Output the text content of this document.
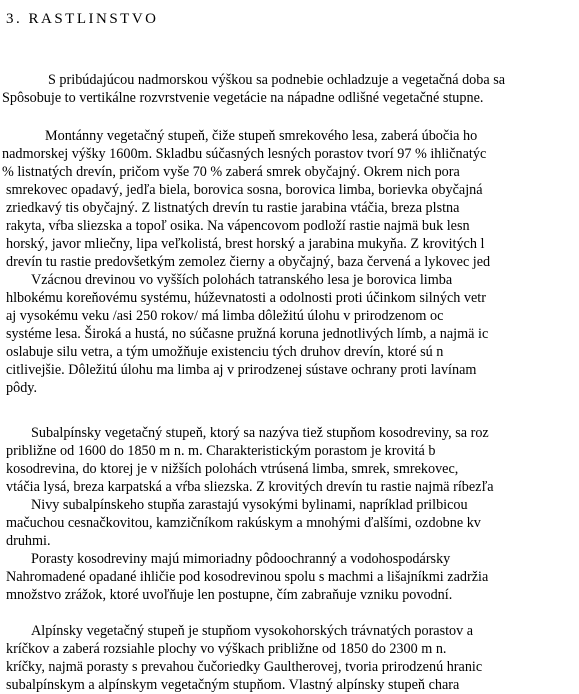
3. RASTLINSTVO
S pribúdajúcou nadmorskou výškou sa podnebie ochladzuje a vegetačná doba sa
Spôsobuje to vertikálne rozvrstvenie vegetácie na nápadne odlišné vegetačné stupne.
Montánny vegetačný stupeň, čiže stupeň smrekového lesa, zaberá úbočia ho
nadmorskej výšky 1600m. Skladbu súčasných lesných porastov tvorí 97 % ihličnatýc
% listnatých drevín, pričom vyše 70 % zaberá smrek obyčajný. Okrem nich pora
smrekovec opadavý, jedľa biela, borovica sosna, borovica limba, borievka obyčajná
zriedkavý tis obyčajný. Z listnatých drevín tu rastie jarabina vtáčia, breza plstna
rakyta, vŕba sliezska a topoľ osika. Na vápencovom podloží rastie najmä buk lesn
horský, javor mliečny, lipa veľkolistá, brest horský a jarabina mukyňa. Z krovitých l
drevín tu rastie predovšetkým zemolez čierny a obyčajný, baza červená a lykovec jed
Vzácnou drevinou vo vyšších polohách tatranského lesa je borovica limba
hlbokému koreňovému systému, húževnatosti a odolnosti proti účinkom silných vetr
aj vysokému veku /asi 250 rokov/ má limba dôležitú úlohu v prirodzenom oc
systéme lesa. Široká a hustá, no súčasne pružná koruna jednotlivých límb, a najmä ic
oslabuje silu vetra, a tým umožňuje existenciu tých druhov drevín, ktoré sú n
citlivejšie. Dôležitú úlohu ma limba aj v prirodzenej sústave ochrany proti lavínam
pôdy.
Subalpínsky vegetačný stupeň, ktorý sa nazýva tiež stupňom kosodreviny, sa roz
približne od 1600 do 1850 m n. m. Charakteristickým porastom je krovitá b
kosodrevina, do ktorej je v nižších polohách vtrúsená limba, smrek, smrekovec,
vtáčia lysá, breza karpatská a vŕba sliezska. Z krovitých drevín tu rastie najmä ríbezľa
Nivy subalpínskeho stupňa zarastajú vysokými bylinami, napríklad prilbicou
mačuchou cesnačkovitou, kamzičníkom rakúskym a mnohými ďalšími, ozdobne kv
druhmi.
Porasty kosodreviny majú mimoriadny pôdoochranný a vodohospodársky
Nahromadené opadané ihličie pod kosodrevinou spolu s machmi a lišajníkmi zadržia
množstvo zrážok, ktoré uvoľňuje len postupne, čím zabraňuje vzniku povodní.
Alpínsky vegetačný stupeň je stupňom vysokohorských trávnatých porastov a
kríčkov a zaberá rozsiahle plochy vo výškach približne od 1850 do 2300 m n.
kríčky, najmä porasty s prevahou čučoriedky Gaultherovej, tvoria prirodzenú hranic
subalpínskym a alpínskym vegetačným stupňom. Vlastný alpínsky stupeň chara
